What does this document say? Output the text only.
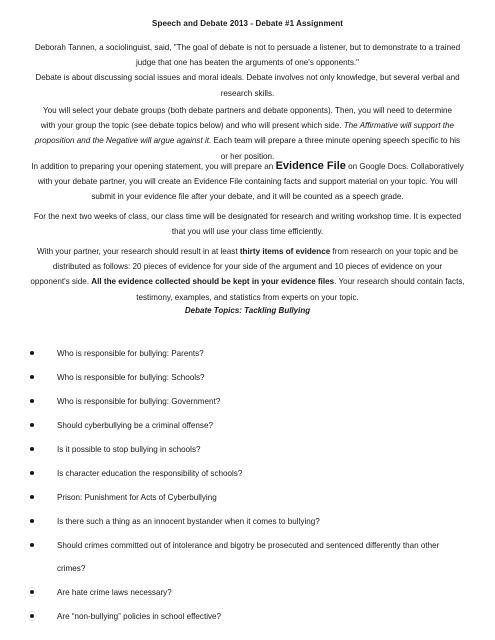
Speech and Debate 2013 - Debate #1 Assignment
Deborah Tannen, a sociolinguist, said, "The goal of debate is not to persuade a listener, but to demonstrate to a trained
judge that one has beaten the arguments of one's opponents."
Debate is about discussing social issues and moral ideals. Debate involves not only knowledge, but several verbal and
research skills.
You will select your debate groups (both debate partners and debate opponents). Then, you will need to determine
with your group the topic (see debate topics below) and who will present which side. The Affirmative will support the
proposition and the Negative will argue against it. Each team will prepare a three minute opening speech specific to his
or her position.
In addition to preparing your opening statement, you will prepare an Evidence File on Google Docs. Collaboratively
with your debate partner, you will create an Evidence File containing facts and support material on your topic. You will
submit in your evidence file after your debate, and it will be counted as a speech grade.
For the next two weeks of class, our class time will be designated for research and writing workshop time. It is expected
that you will use your class time efficiently.
With your partner, your research should result in at least thirty items of evidence from research on your topic and be
distributed as follows: 20 pieces of evidence for your side of the argument and 10 pieces of evidence on your
opponent's side. All the evidence collected should be kept in your evidence files. Your research should contain facts,
testimony, examples, and statistics from experts on your topic.
Debate Topics: Tackling Bullying
Who is responsible for bullying: Parents?
Who is responsible for bullying: Schools?
Who is responsible for bullying: Government?
Should cyberbullying be a criminal offense?
Is it possible to stop bullying in schools?
Is character education the responsibility of schools?
Prison: Punishment for Acts of Cyberbullying
Is there such a thing as an innocent bystander when it comes to bullying?
Should crimes committed out of intolerance and bigotry be prosecuted and sentenced differently than other
crimes?
Are hate crime laws necessary?
Are “non-bullying” policies in school effective?
